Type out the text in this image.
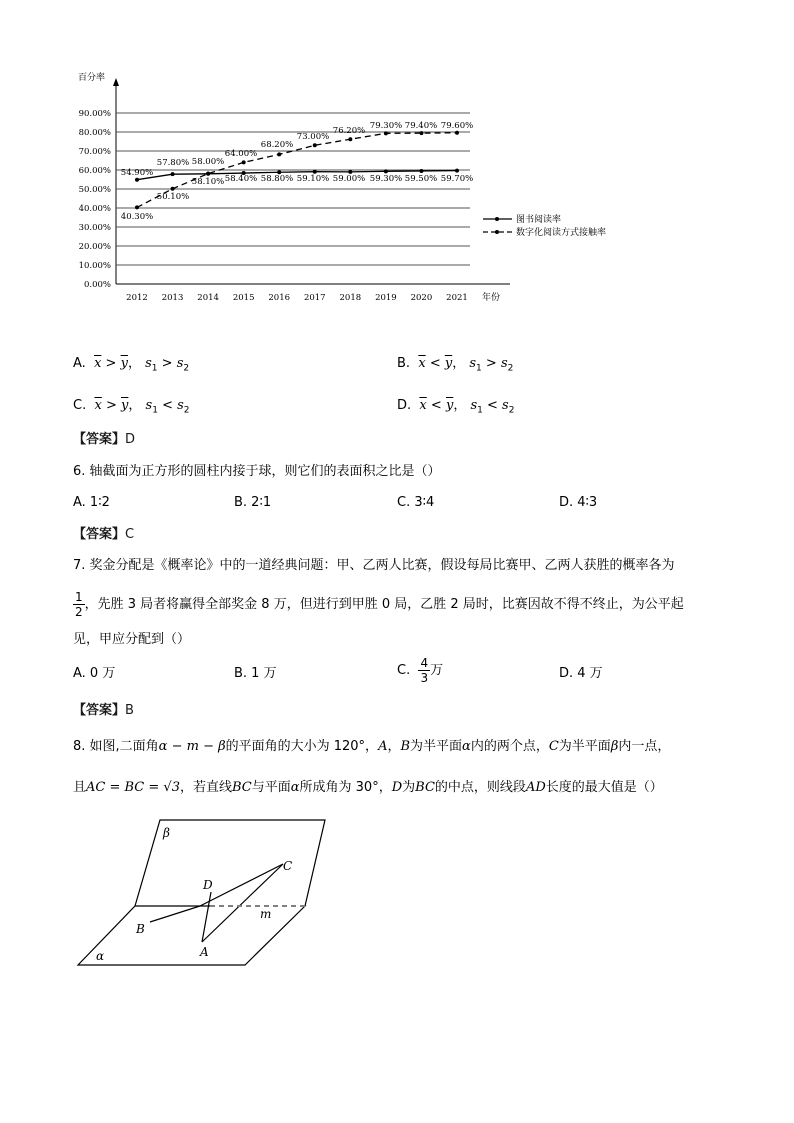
百分率
年份
0.00%
10.00%
20.00%
30.00%
40.00%
50.00%
60.00%
70.00%
80.00%
90.00%
2012 2013 2014 2015 2016 2017 2018 2019 2020 2021
54.90%
57.80% 58.00%
58.40% 58.80% 59.10% 59.00% 59.30% 59.50% 59.70%
40.30%
50.10%
58.10%
64.00%
68.20%
73.00%
76.20% 79.30% 79.40% 79.60%
图书阅读率
数字化阅读方式接触率
A. $\overline{x} > \overline{y}$， $s_1 > s_2$	B. $\overline{x} < \overline{y}$， $s_1 > s_2$
C. $\overline{x} > \overline{y}$， $s_1 < s_2$	D. $\overline{x} < \overline{y}$， $s_1 < s_2$
【答案】D
6. 轴截面为正方形的圆柱内接于球，则它们的表面积之比是（）
A. 1∶2	B. 2∶1	C. 3∶4	D. 4∶3
【答案】C
7. 奖金分配是《概率论》中的一道经典问题：甲、乙两人比赛，假设每局比赛甲、乙两人获胜的概率各为
$\frac{1}{2}$ ，先胜 3 局者将赢得全部奖金 8 万，但进行到甲胜 0 局，乙胜 2 局时，比赛因故不得不终止，为公平起
见，甲应分配到（）
A. 0 万	B. 1 万	C. $\frac{4}{3}$ 万	D. 4 万
【答案】B
8. 如图,二面角α − m − β的平面角的大小为 120°，A，B为半平面α内的两个点，C为半平面β内一点，
且AC = BC = √3，若直线BC与平面α所成角为 30°，D为BC的中点，则线段AD长度的最大值是（）
β
C
D
m
B
A
α
